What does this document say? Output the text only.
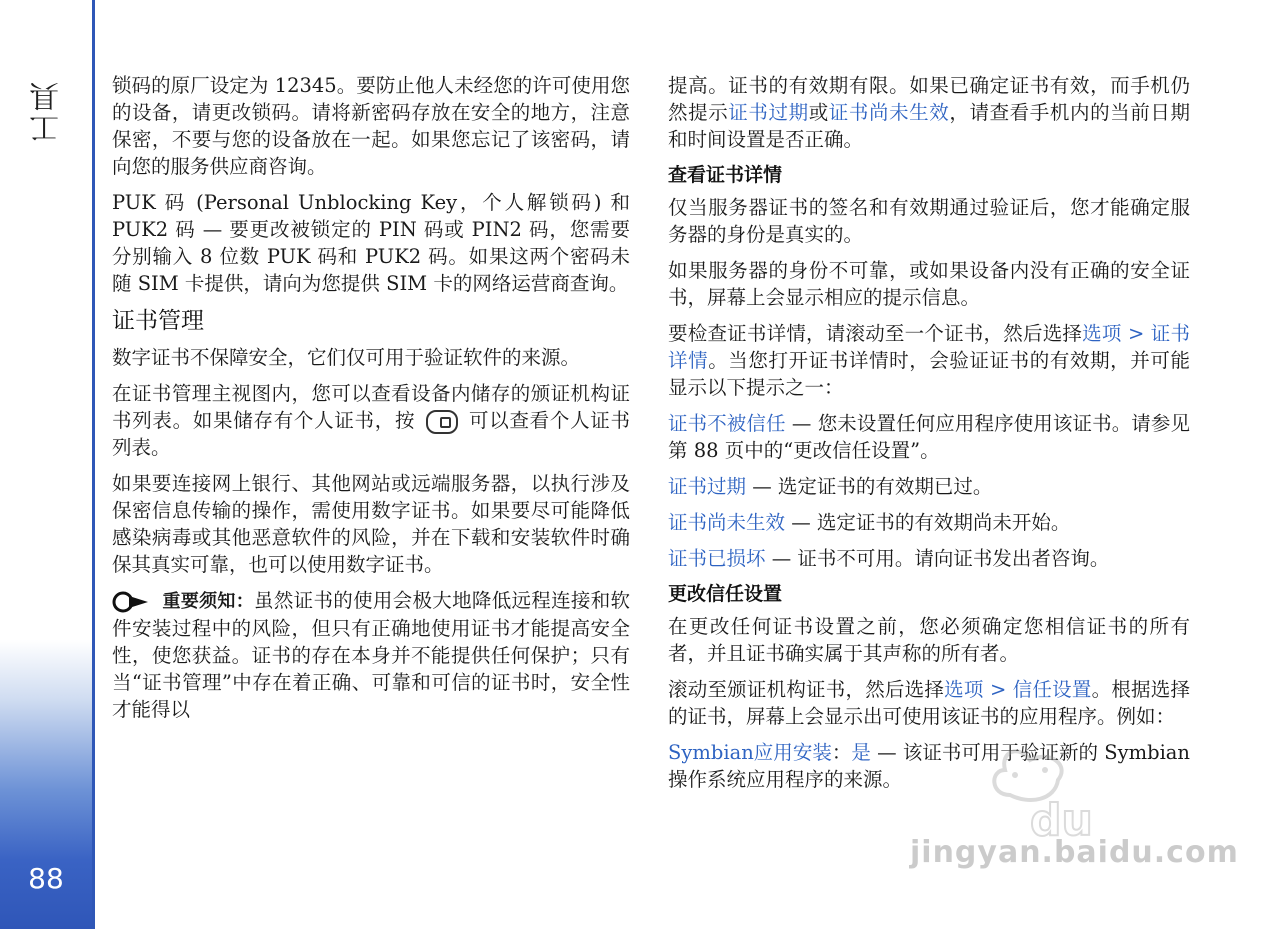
工具
88

锁码的原厂设定为 12345。要防止他人未经您的许可使用您的设备，请更改锁码。请将新密码存放在安全的地方，注意保密，不要与您的设备放在一起。如果您忘记了该密码，请向您的服务供应商咨询。

PUK 码 (Personal Unblocking Key，个人解锁码) 和 PUK2 码 — 要更改被锁定的 PIN 码或 PIN2 码，您需要分别输入 8 位数 PUK 码和 PUK2 码。如果这两个密码未随 SIM 卡提供，请向为您提供 SIM 卡的网络运营商查询。

证书管理

数字证书不保障安全，它们仅可用于验证软件的来源。

在证书管理主视图内，您可以查看设备内储存的颁证机构证书列表。如果储存有个人证书，按	可以查看个人证书列表。

如果要连接网上银行、其他网站或远端服务器，以执行涉及保密信息传输的操作，需使用数字证书。如果要尽可能降低感染病毒或其他恶意软件的风险，并在下载和安装软件时确保其真实可靠，也可以使用数字证书。

重要须知：虽然证书的使用会极大地降低远程连接和软件安装过程中的风险，但只有正确地使用证书才能提高安全性，使您获益。证书的存在本身并不能提供任何保护；只有当“证书管理”中存在着正确、可靠和可信的证书时，安全性才能得以

提高。证书的有效期有限。如果已确定证书有效，而手机仍然提示证书过期或证书尚未生效，请查看手机内的当前日期和时间设置是否正确。

查看证书详情

仅当服务器证书的签名和有效期通过验证后，您才能确定服务器的身份是真实的。

如果服务器的身份不可靠，或如果设备内没有正确的安全证书，屏幕上会显示相应的提示信息。

要检查证书详情，请滚动至一个证书，然后选择选项 > 证书详情。当您打开证书详情时，会验证证书的有效期，并可能显示以下提示之一：

证书不被信任 — 您未设置任何应用程序使用该证书。请参见第 88 页中的“更改信任设置”。

证书过期 — 选定证书的有效期已过。

证书尚未生效 — 选定证书的有效期尚未开始。

证书已损坏 — 证书不可用。请向证书发出者咨询。

更改信任设置

在更改任何证书设置之前，您必须确定您相信证书的所有者，并且证书确实属于其声称的所有者。

滚动至颁证机构证书，然后选择选项 > 信任设置。根据选择的证书，屏幕上会显示出可使用该证书的应用程序。例如：

Symbian应用安装：是 — 该证书可用于验证新的 Symbian 操作系统应用程序的来源。

du
jingyan.baidu.com
